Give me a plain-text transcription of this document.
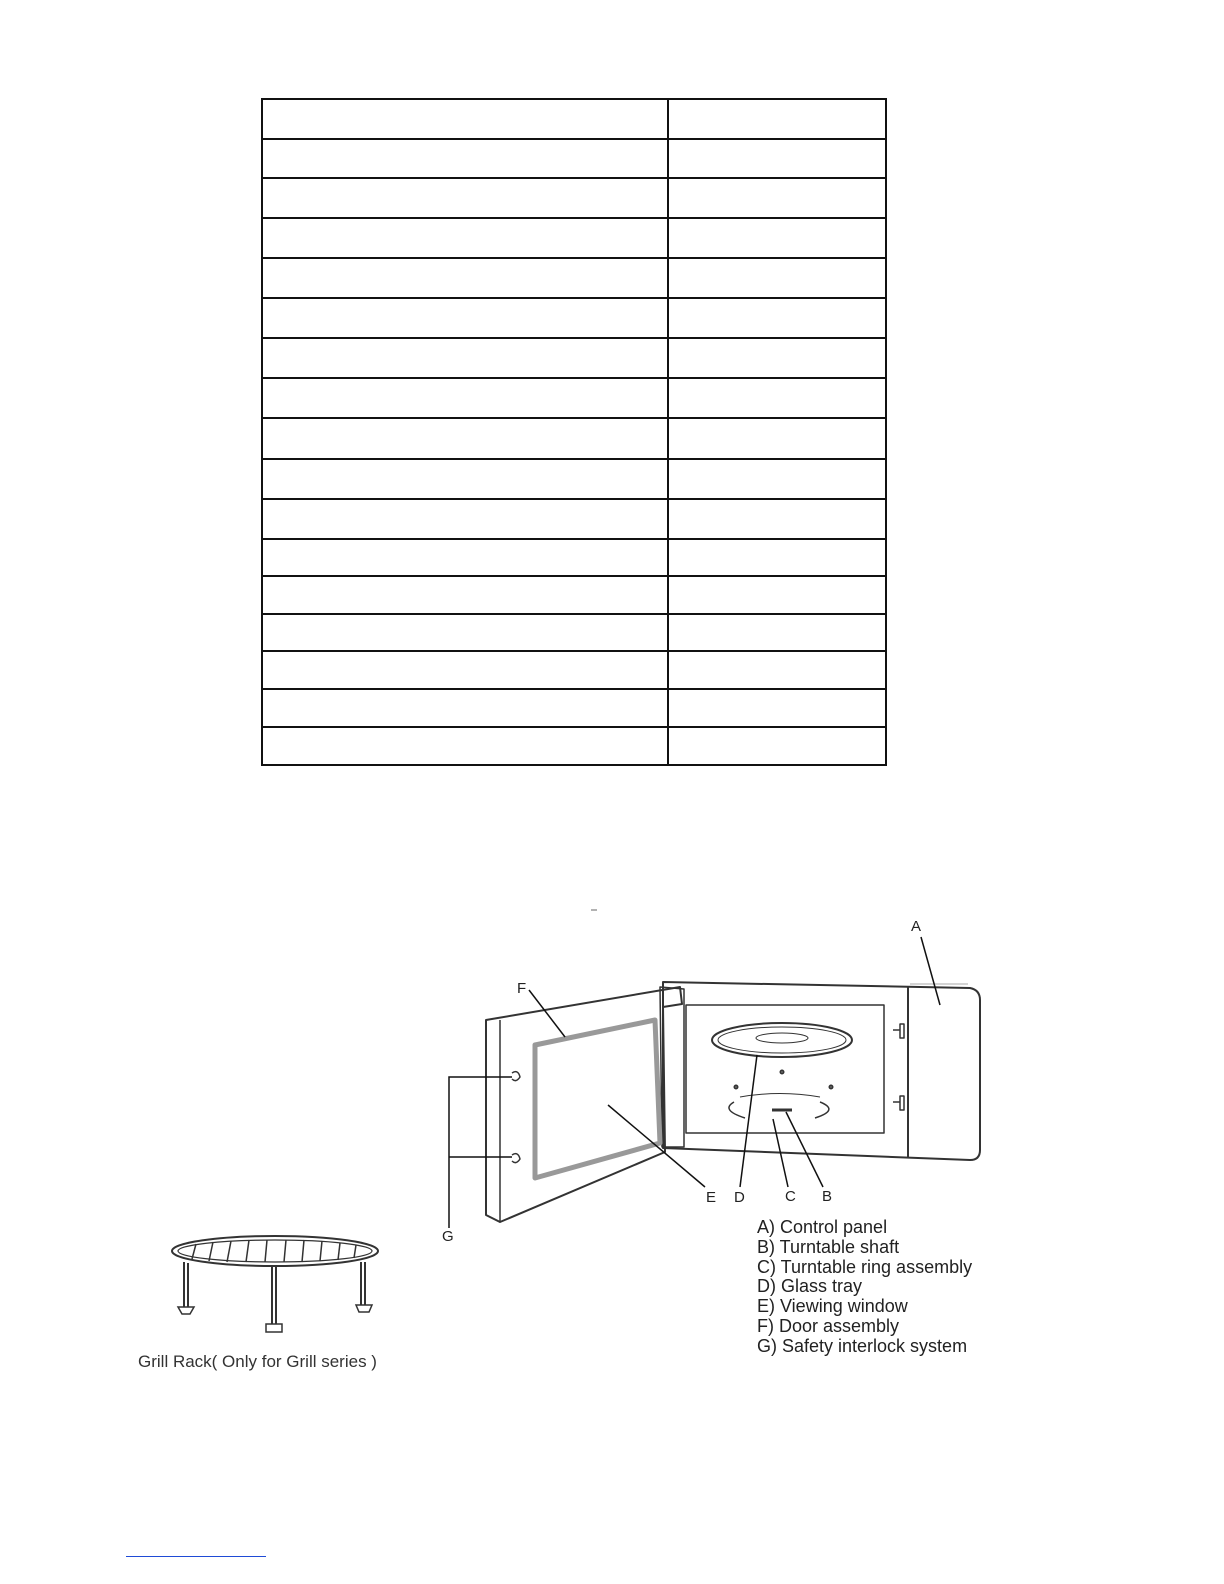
A
F
E D	C B
G	A) Control panel
B) Turntable shaft
C) Turntable ring assembly
D) Glass tray
E) Viewing window
F) Door assembly
G) Safety interlock system
Grill Rack( Only for Grill series )
